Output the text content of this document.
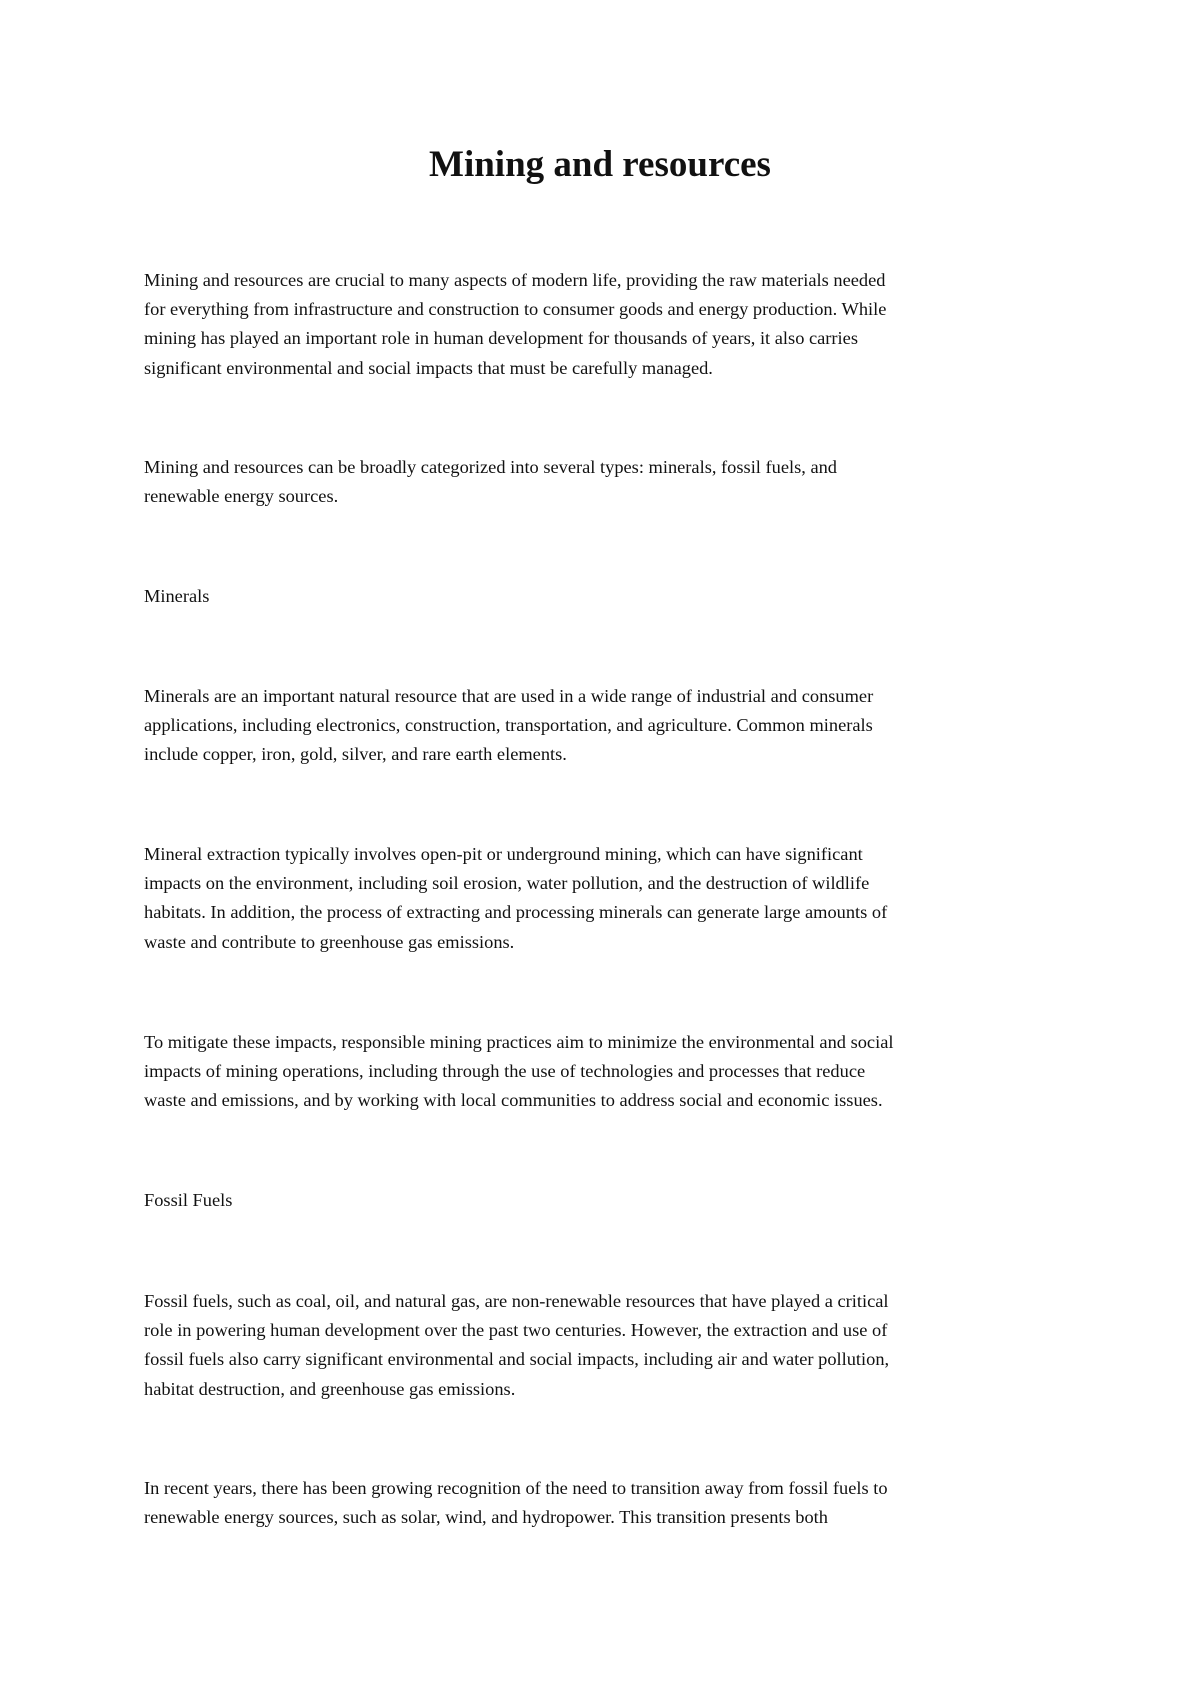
Mining and resources

Mining and resources are crucial to many aspects of modern life, providing the raw materials needed
for everything from infrastructure and construction to consumer goods and energy production. While
mining has played an important role in human development for thousands of years, it also carries
significant environmental and social impacts that must be carefully managed.

Mining and resources can be broadly categorized into several types: minerals, fossil fuels, and
renewable energy sources.

Minerals

Minerals are an important natural resource that are used in a wide range of industrial and consumer
applications, including electronics, construction, transportation, and agriculture. Common minerals
include copper, iron, gold, silver, and rare earth elements.

Mineral extraction typically involves open-pit or underground mining, which can have significant
impacts on the environment, including soil erosion, water pollution, and the destruction of wildlife
habitats. In addition, the process of extracting and processing minerals can generate large amounts of
waste and contribute to greenhouse gas emissions.

To mitigate these impacts, responsible mining practices aim to minimize the environmental and social
impacts of mining operations, including through the use of technologies and processes that reduce
waste and emissions, and by working with local communities to address social and economic issues.

Fossil Fuels

Fossil fuels, such as coal, oil, and natural gas, are non-renewable resources that have played a critical
role in powering human development over the past two centuries. However, the extraction and use of
fossil fuels also carry significant environmental and social impacts, including air and water pollution,
habitat destruction, and greenhouse gas emissions.

In recent years, there has been growing recognition of the need to transition away from fossil fuels to
renewable energy sources, such as solar, wind, and hydropower. This transition presents both
